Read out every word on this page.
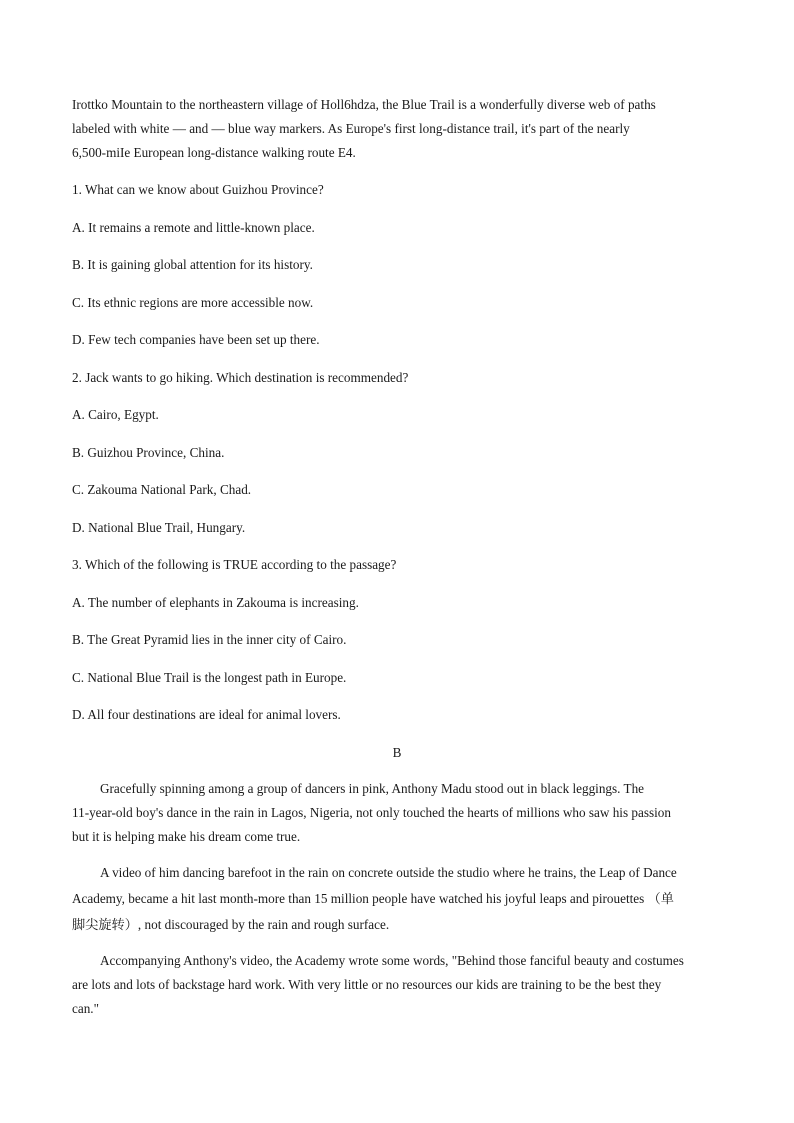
Irottko Mountain to the northeastern village of Holl6hdza, the Blue Trail is a wonderfully diverse web of paths
labeled with white — and — blue way markers. As Europe's first long-distance trail, it's part of the nearly
6,500-miIe European long-distance walking route E4.
1. What can we know about Guizhou Province?
A. It remains a remote and little-known place.
B. It is gaining global attention for its history.
C. Its ethnic regions are more accessible now.
D. Few tech companies have been set up there.
2. Jack wants to go hiking. Which destination is recommended?
A. Cairo, Egypt.
B. Guizhou Province, China.
C. Zakouma National Park, Chad.
D. National Blue Trail, Hungary.
3. Which of the following is TRUE according to the passage?
A. The number of elephants in Zakouma is increasing.
B. The Great Pyramid lies in the inner city of Cairo.
C. National Blue Trail is the longest path in Europe.
D. All four destinations are ideal for animal lovers.
B
Gracefully spinning among a group of dancers in pink, Anthony Madu stood out in black leggings. The
11-year-old boy's dance in the rain in Lagos, Nigeria, not only touched the hearts of millions who saw his passion
but it is helping make his dream come true.
A video of him dancing barefoot in the rain on concrete outside the studio where he trains, the Leap of Dance
Academy, became a hit last month-more than 15 million people have watched his joyful leaps and pirouettes （单
脚尖旋转）, not discouraged by the rain and rough surface.
Accompanying Anthony's video, the Academy wrote some words, "Behind those fanciful beauty and costumes
are lots and lots of backstage hard work. With very little or no resources our kids are training to be the best they
can."
